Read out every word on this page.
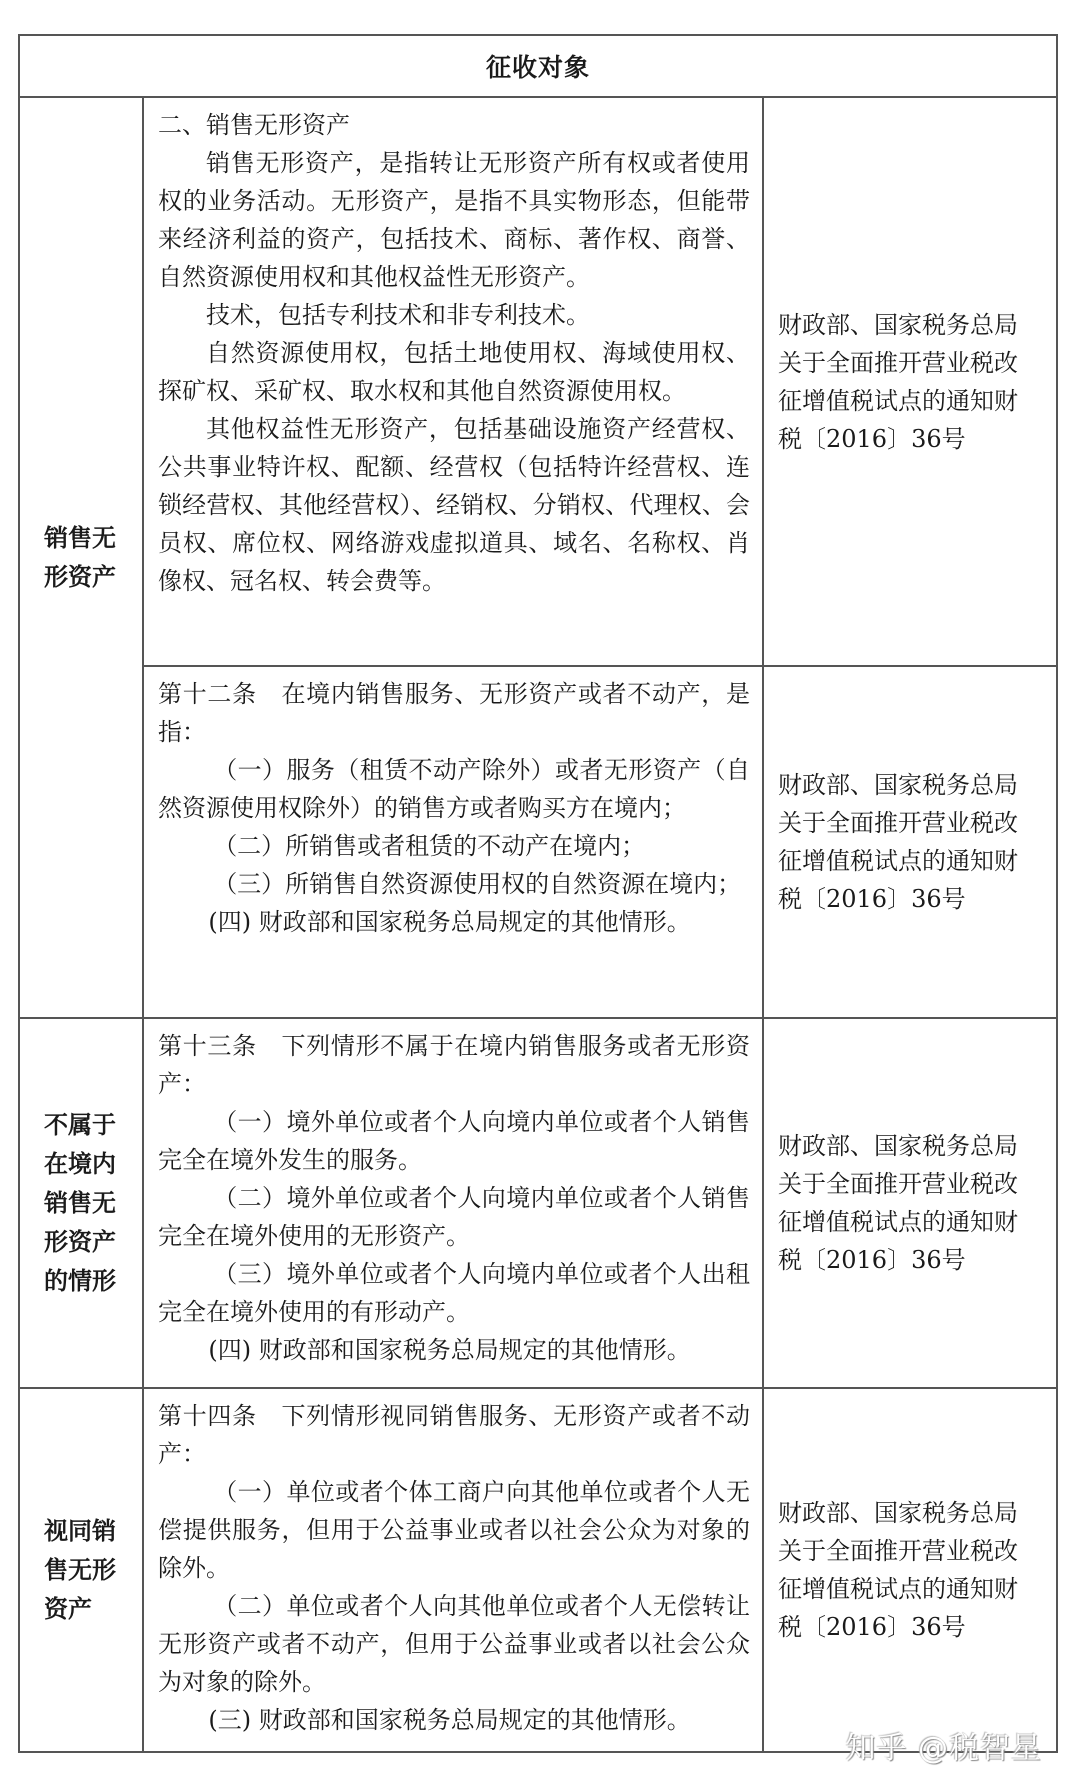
征收对象
销售无形资产

二、销售无形资产

销售无形资产，是指转让无形资产所有权或者使用权的业务活动。无形资产，是指不具实物形态，但能带来经济利益的资产，包括技术、商标、著作权、商誉、自然资源使用权和其他权益性无形资产。

技术，包括专利技术和非专利技术。

自然资源使用权，包括土地使用权、海域使用权、探矿权、采矿权、取水权和其他自然资源使用权。

其他权益性无形资产，包括基础设施资产经营权、公共事业特许权、配额、经营权（包括特许经营权、连锁经营权、其他经营权）、经销权、分销权、代理权、会员权、席位权、网络游戏虚拟道具、域名、名称权、肖像权、冠名权、转会费等。

财政部、国家税务总局关于全面推开营业税改征增值税试点的通知财税〔2016〕36号

第十二条　在境内销售服务、无形资产或者不动产，是指：

（一）服务（租赁不动产除外）或者无形资产（自然资源使用权除外）的销售方或者购买方在境内；

（二）所销售或者租赁的不动产在境内；

（三）所销售自然资源使用权的自然资源在境内；

(四) 财政部和国家税务总局规定的其他情形。

财政部、国家税务总局关于全面推开营业税改征增值税试点的通知财税〔2016〕36号
不属于在境内销售无形资产的情形

第十三条　下列情形不属于在境内销售服务或者无形资产：

（一）境外单位或者个人向境内单位或者个人销售完全在境外发生的服务。

（二）境外单位或者个人向境内单位或者个人销售完全在境外使用的无形资产。

（三）境外单位或者个人向境内单位或者个人出租完全在境外使用的有形动产。

(四) 财政部和国家税务总局规定的其他情形。

财政部、国家税务总局关于全面推开营业税改征增值税试点的通知财税〔2016〕36号
视同销售无形资产

第十四条　下列情形视同销售服务、无形资产或者不动产：

（一）单位或者个体工商户向其他单位或者个人无偿提供服务，但用于公益事业或者以社会公众为对象的除外。

（二）单位或者个人向其他单位或者个人无偿转让无形资产或者不动产，但用于公益事业或者以社会公众为对象的除外。

(三) 财政部和国家税务总局规定的其他情形。

财政部、国家税务总局关于全面推开营业税改征增值税试点的通知财税〔2016〕36号
知乎 @税智星
